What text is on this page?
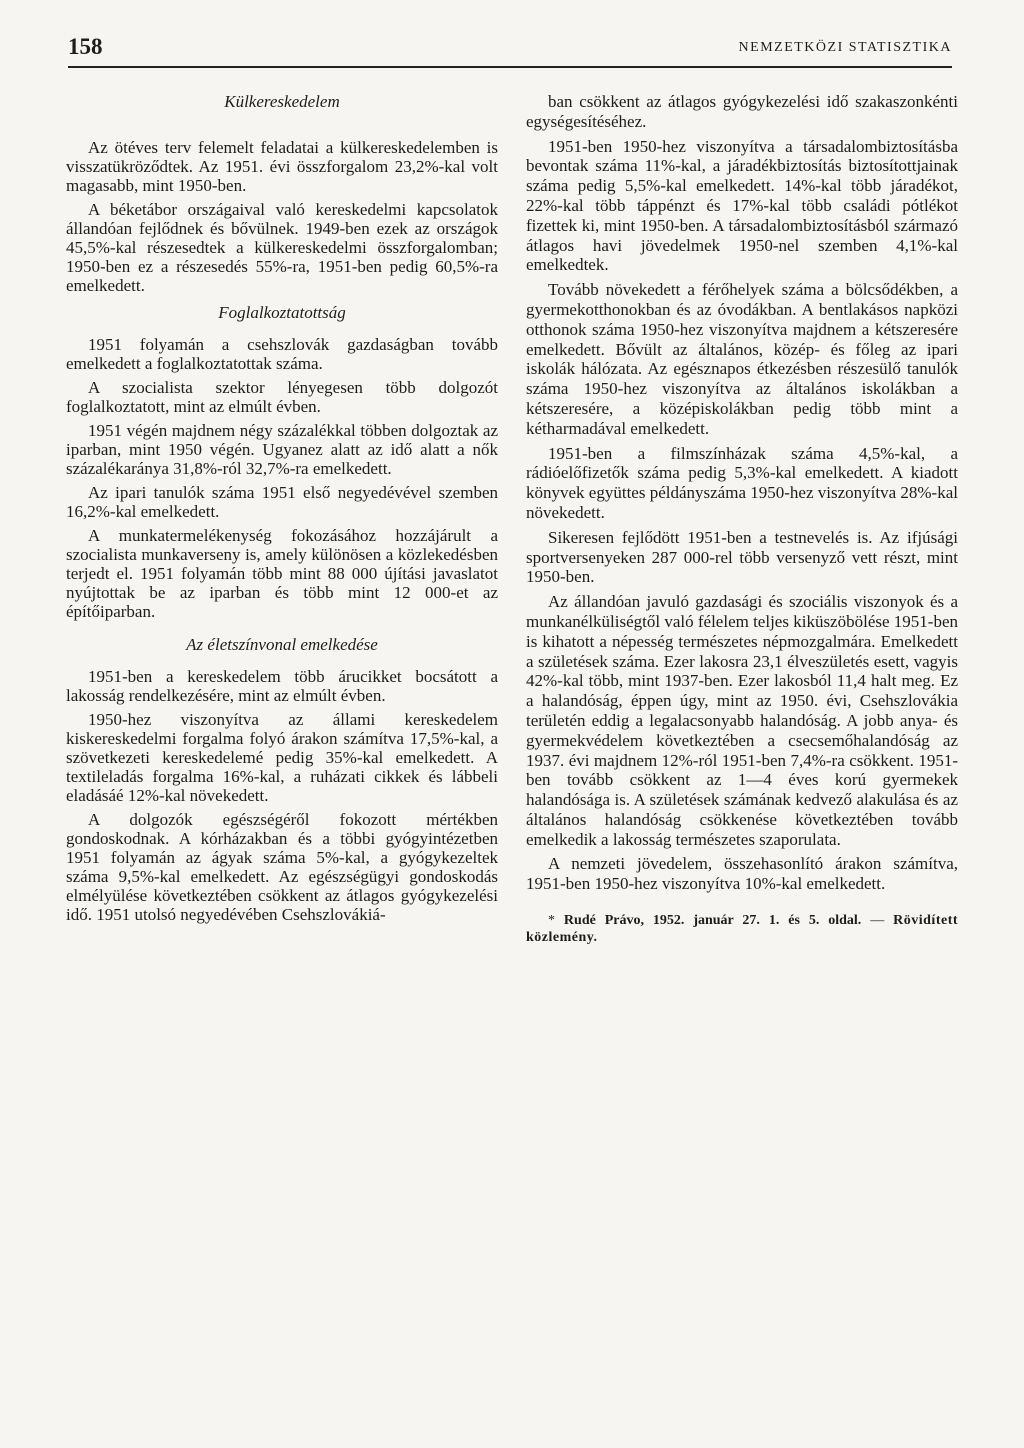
158	NEMZETKÖZI STATISZTIKA
Külkereskedelem

Az ötéves terv felemelt feladatai a külkereskedelemben is visszatükröződtek. Az 1951. évi összforgalom 23,2%-kal volt magasabb, mint 1950-ben.

A béketábor országaival való kereskedelmi kapcsolatok állandóan fejlődnek és bővülnek. 1949-ben ezek az országok 45,5%-kal részesedtek a külkereskedelmi összforgalomban; 1950-ben ez a részesedés 55%-ra, 1951-ben pedig 60,5%-ra emelkedett.

Foglalkoztatottság

1951 folyamán a csehszlovák gazdaságban tovább emelkedett a foglalkoztatottak száma.

A szocialista szektor lényegesen több dolgozót foglalkoztatott, mint az elmúlt évben.

1951 végén majdnem négy százalékkal többen dolgoztak az iparban, mint 1950 végén. Ugyanez alatt az idő alatt a nők százalékaránya 31,8%-ról 32,7%-ra emelkedett.

Az ipari tanulók száma 1951 első negyedévével szemben 16,2%-kal emelkedett.

A munkatermelékenység fokozásához hozzájárult a szocialista munkaverseny is, amely különösen a közlekedésben terjedt el. 1951 folyamán több mint 88 000 újítási javaslatot nyújtottak be az iparban és több mint 12 000-et az építőiparban.

Az életszínvonal emelkedése

1951-ben a kereskedelem több árucikket bocsátott a lakosság rendelkezésére, mint az elmúlt évben.

1950-hez viszonyítva az állami kereskedelem kiskereskedelmi forgalma folyó árakon számítva 17,5%-kal, a szövetkezeti kereskedelemé pedig 35%-kal emelkedett. A textileladás forgalma 16%-kal, a ruházati cikkek és lábbeli eladásáé 12%-kal növekedett.

A dolgozók egészségéről fokozott mértékben gondoskodnak. A kórházakban és a többi gyógyintézetben 1951 folyamán az ágyak száma 5%-kal, a gyógykezeltek száma 9,5%-kal emelkedett. Az egészségügyi gondoskodás elmélyülése következtében csökkent az átlagos gyógykezelési idő. 1951 utolsó negyedévében Csehszlovákiá-

ban csökkent az átlagos gyógykezelési idő szakaszonkénti egységesítéséhez.

1951-ben 1950-hez viszonyítva a társadalombiztosításba bevontak száma 11%-kal, a járadékbiztosítás biztosítottjainak száma pedig 5,5%-kal emelkedett. 14%-kal több járadékot, 22%-kal több táppénzt és 17%-kal több családi pótlékot fizettek ki, mint 1950-ben. A társadalombiztosításból származó átlagos havi jövedelmek 1950-nel szemben 4,1%-kal emelkedtek.

Tovább növekedett a férőhelyek száma a bölcsődékben, a gyermekotthonokban és az óvodákban. A bentlakásos napközi otthonok száma 1950-hez viszonyítva majdnem a kétszeresére emelkedett. Bővült az általános, közép- és főleg az ipari iskolák hálózata. Az egésznapos étkezésben részesülő tanulók száma 1950-hez viszonyítva az általános iskolákban a kétszeresére, a középiskolákban pedig több mint a kétharmadával emelkedett.

1951-ben a filmszínházak száma 4,5%-kal, a rádióelőfizetők száma pedig 5,3%-kal emelkedett. A kiadott könyvek együttes példányszáma 1950-hez viszonyítva 28%-kal növekedett.

Sikeresen fejlődött 1951-ben a testnevelés is. Az ifjúsági sportversenyeken 287 000-rel több versenyző vett részt, mint 1950-ben.

Az állandóan javuló gazdasági és szociális viszonyok és a munkanélküliségtől való félelem teljes kiküszöbölése 1951-ben is kihatott a népesség természetes népmozgalmára. Emelkedett a születések száma. Ezer lakosra 23,1 élveszületés esett, vagyis 42%-kal több, mint 1937-ben. Ezer lakosból 11,4 halt meg. Ez a halandóság, éppen úgy, mint az 1950. évi, Csehszlovákia területén eddig a legalacsonyabb halandóság. A jobb anya- és gyermekvédelem következtében a csecsemőhalandóság az 1937. évi majdnem 12%-ról 1951-ben 7,4%-ra csökkent. 1951-ben tovább csökkent az 1—4 éves korú gyermekek halandósága is. A születések számának kedvező alakulása és az általános halandóság csökkenése következtében tovább emelkedik a lakosság természetes szaporulata.

A nemzeti jövedelem, összehasonlító árakon számítva, 1951-ben 1950-hez viszonyítva 10%-kal emelkedett.

* Rudé Právo, 1952. január 27. 1. és 5. oldal. — Rövidített közlemény.
